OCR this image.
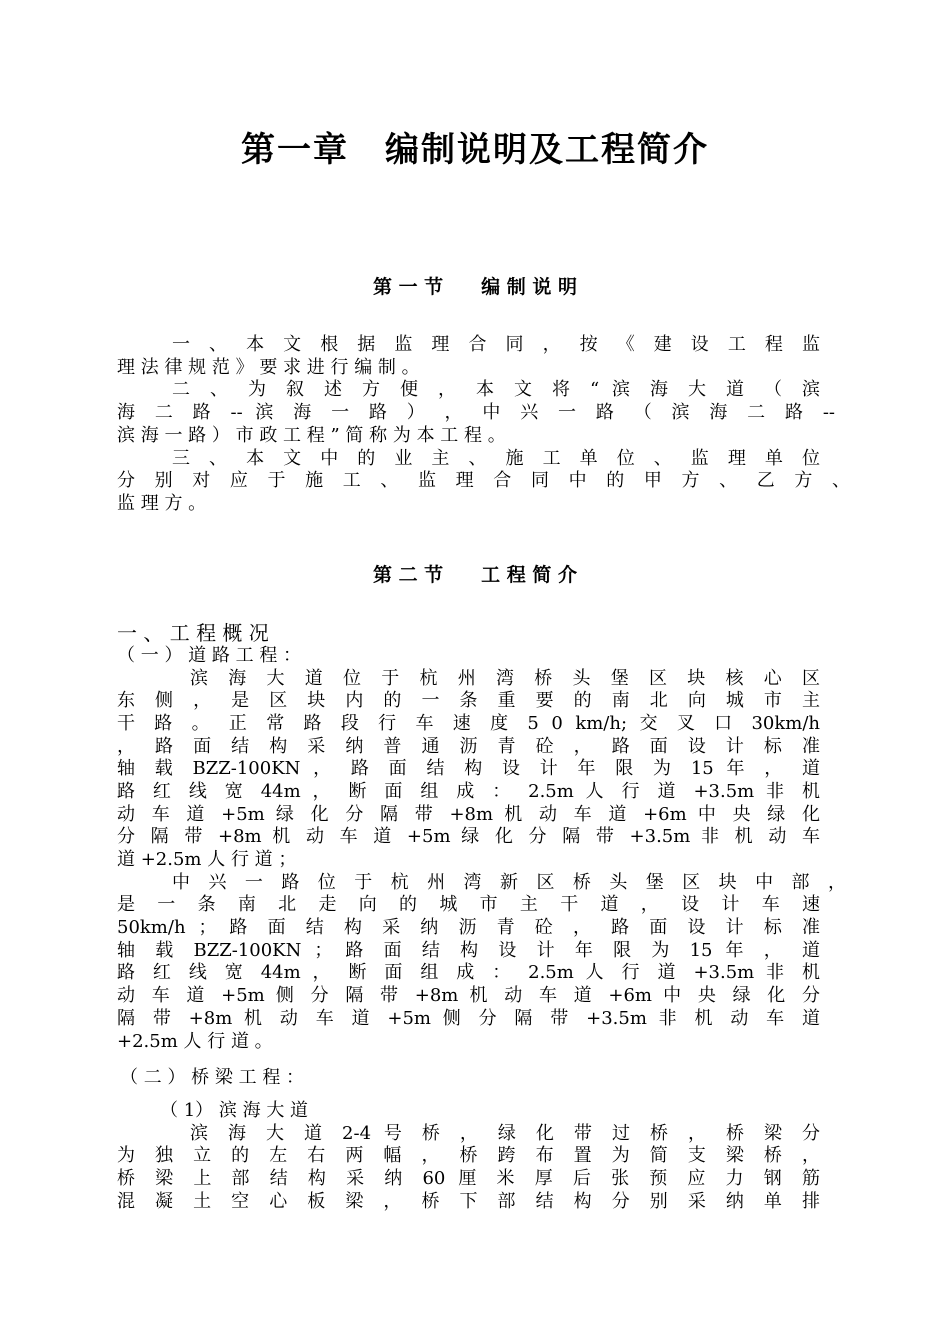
第一章　编制说明及工程简介
第 一 节　　编 制 说 明
一 、 本 文 根 据 监 理 合 同 ， 按 《 建 设 工 程 监
理 法 律 规 范 》 要 求 进 行 编 制 。
二 、 为 叙 述 方 便 ， 本 文 将 “ 滨 海 大 道 （ 滨
海 二 路 -- 滨 海 一 路 ） ， 中 兴 一 路 （ 滨 海 二 路 --
滨 海 一 路 ） 市 政 工 程 ” 简 称 为 本 工 程 。
三 、 本 文 中 的 业 主 、 施 工 单 位 、 监 理 单 位
分 别 对 应 于 施 工 、 监 理 合 同 中 的 甲 方 、 乙 方 、
监 理 方 。
第 二 节　　工 程 简 介
一 、 工 程 概 况
（ 一 ） 道 路 工 程 ：
滨 海 大 道 位 于 杭 州 湾 桥 头 堡 区 块 核 心 区
东 侧 ， 是 区 块 内 的 一 条 重 要 的 南 北 向 城 市 主
干 路 。 正 常 路 段 行 车 速 度 5 0 km/h; 交 叉 口 30km/h
， 路 面 结 构 采 纳 普 通 沥 青 砼 ， 路 面 设 计 标 准
轴 载 BZZ-100KN ， 路 面 结 构 设 计 年 限 为 15 年 ， 道
路 红 线 宽 44m ， 断 面 组 成 ： 2.5m 人 行 道 +3.5m 非 机
动 车 道 +5m 绿 化 分 隔 带 +8m 机 动 车 道 +6m 中 央 绿 化
分 隔 带 +8m 机 动 车 道 +5m 绿 化 分 隔 带 +3.5m 非 机 动 车
道 +2.5m 人 行 道 ；
中 兴 一 路 位 于 杭 州 湾 新 区 桥 头 堡 区 块 中 部 ，
是 一 条 南 北 走 向 的 城 市 主 干 道 ， 设 计 车 速
50km/h ； 路 面 结 构 采 纳 沥 青 砼 ， 路 面 设 计 标 准
轴 载 BZZ-100KN ； 路 面 结 构 设 计 年 限 为 15 年 ， 道
路 红 线 宽 44m ， 断 面 组 成 ： 2.5m 人 行 道 +3.5m 非 机
动 车 道 +5m 侧 分 隔 带 +8m 机 动 车 道 +6m 中 央 绿 化 分
隔 带 +8m 机 动 车 道 +5m 侧 分 隔 带 +3.5m 非 机 动 车 道
+2.5m 人 行 道 。
（ 二 ） 桥 梁 工 程 ：
（ 1） 滨 海 大 道
滨 海 大 道 2-4 号 桥 ， 绿 化 带 过 桥 ， 桥 梁 分
为 独 立 的 左 右 两 幅 ， 桥 跨 布 置 为 简 支 梁 桥 ，
桥 梁 上 部 结 构 采 纳 60 厘 米 厚 后 张 预 应 力 钢 筋
混 凝 土 空 心 板 梁 ， 桥 下 部 结 构 分 别 采 纳 单 排
